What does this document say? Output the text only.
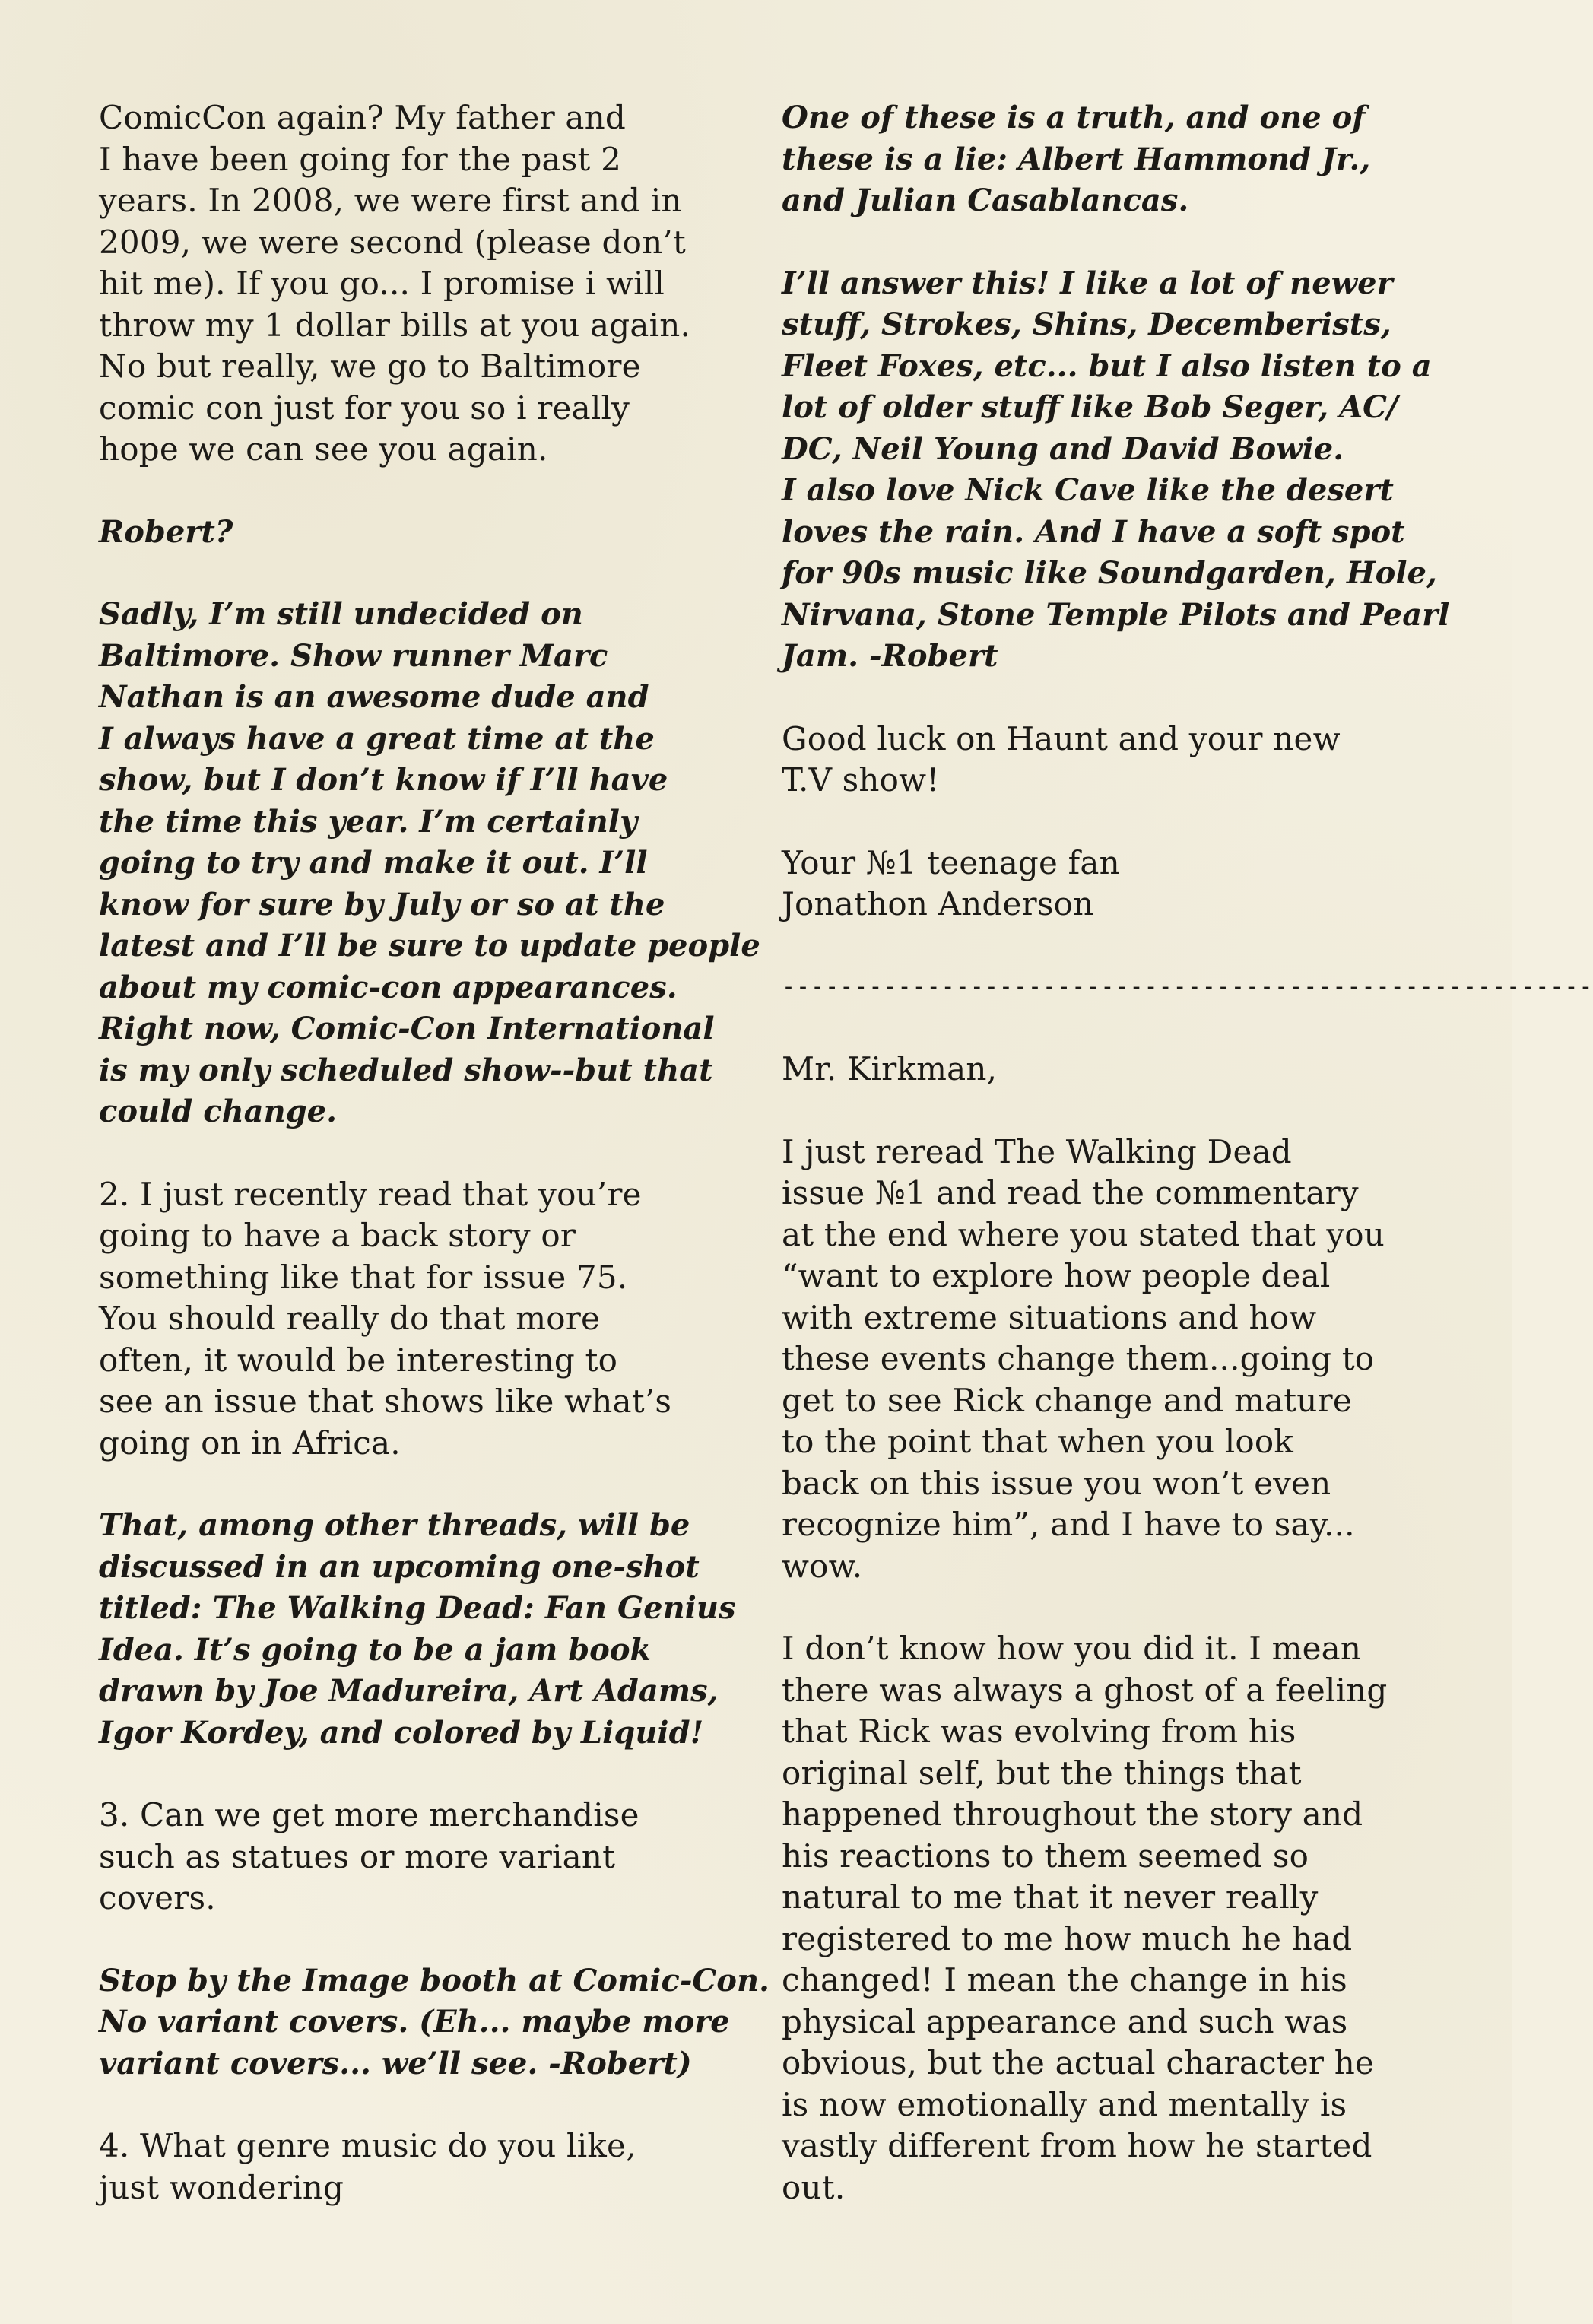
ComicCon again? My father and
I have been going for the past 2
years. In 2008, we were first and in
2009, we were second (please don’t
hit me). If you go... I promise i will
throw my 1 dollar bills at you again.
No but really, we go to Baltimore
comic con just for you so i really
hope we can see you again.

Robert?

Sadly, I’m still undecided on
Baltimore. Show runner Marc
Nathan is an awesome dude and
I always have a great time at the
show, but I don’t know if I’ll have
the time this year. I’m certainly
going to try and make it out. I’ll
know for sure by July or so at the
latest and I’ll be sure to update people
about my comic-con appearances.
Right now, Comic-Con International
is my only scheduled show--but that
could change.

2. I just recently read that you’re
going to have a back story or
something like that for issue 75.
You should really do that more
often, it would be interesting to
see an issue that shows like what’s
going on in Africa.

That, among other threads, will be
discussed in an upcoming one-shot
titled: The Walking Dead: Fan Genius
Idea. It’s going to be a jam book
drawn by Joe Madureira, Art Adams,
Igor Kordey, and colored by Liquid!

3. Can we get more merchandise
such as statues or more variant
covers.

Stop by the Image booth at Comic-Con.
No variant covers. (Eh... maybe more
variant covers... we’ll see. -Robert)

4. What genre music do you like,
just wondering

One of these is a truth, and one of
these is a lie: Albert Hammond Jr.,
and Julian Casablancas.

I’ll answer this! I like a lot of newer
stuff, Strokes, Shins, Decemberists,
Fleet Foxes, etc... but I also listen to a
lot of older stuff like Bob Seger, AC/
DC, Neil Young and David Bowie.
I also love Nick Cave like the desert
loves the rain. And I have a soft spot
for 90s music like Soundgarden, Hole,
Nirvana, Stone Temple Pilots and Pearl
Jam. -Robert

Good luck on Haunt and your new
T.V show!

Your №1 teenage fan
Jonathon Anderson

--------------------------------------------------------

Mr. Kirkman,

I just reread The Walking Dead
issue №1 and read the commentary
at the end where you stated that you
“want to explore how people deal
with extreme situations and how
these events change them...going to
get to see Rick change and mature
to the point that when you look
back on this issue you won’t even
recognize him”, and I have to say...
wow.

I don’t know how you did it. I mean
there was always a ghost of a feeling
that Rick was evolving from his
original self, but the things that
happened throughout the story and
his reactions to them seemed so
natural to me that it never really
registered to me how much he had
changed! I mean the change in his
physical appearance and such was
obvious, but the actual character he
is now emotionally and mentally is
vastly different from how he started
out.
